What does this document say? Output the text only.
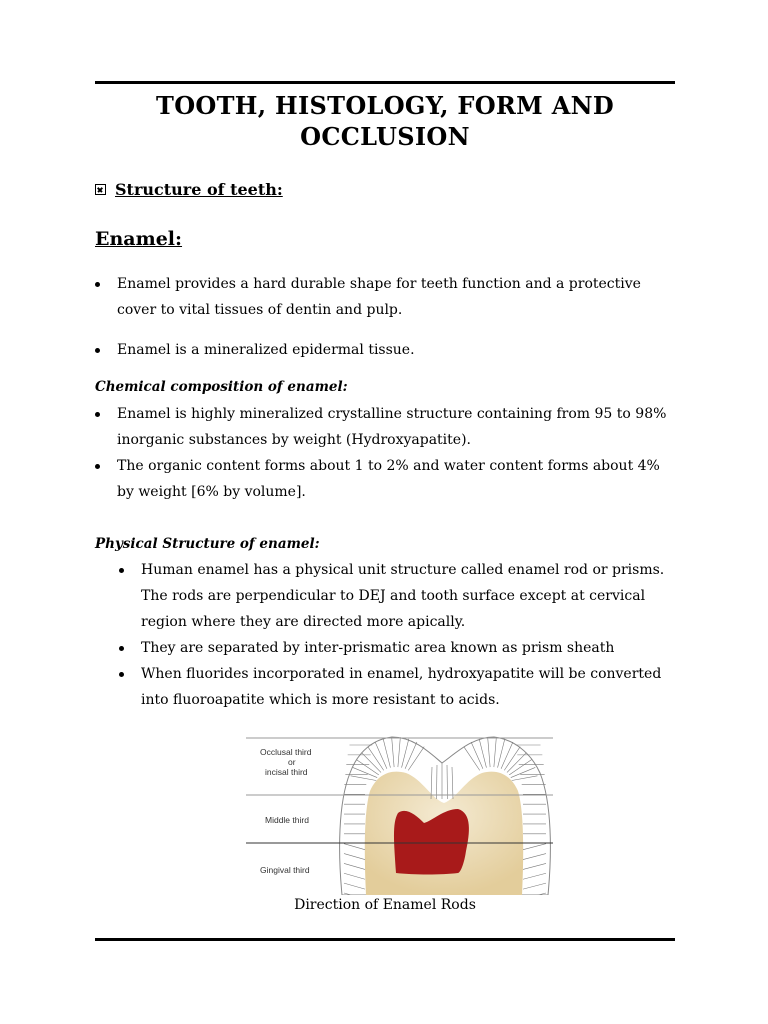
TOOTH, HISTOLOGY, FORM AND OCCLUSION
Structure of teeth:
Enamel:
Enamel provides a hard durable shape for teeth function and a protective cover to vital tissues of dentin and pulp.
Enamel is a mineralized epidermal tissue.
Chemical composition of enamel:
Enamel is highly mineralized crystalline structure containing from 95 to 98% inorganic substances by weight (Hydroxyapatite).
The organic content forms about 1 to 2% and water content forms about 4% by weight [6% by volume].
Physical Structure of enamel:
Human enamel has a physical unit structure called enamel rod or prisms. The rods are perpendicular to DEJ and tooth surface except at cervical region where they are directed more apically.
They are separated by inter-prismatic area known as prism sheath
When fluorides incorporated in enamel, hydroxyapatite will be converted into fluoroapatite which is more resistant to acids.
Occlusal third
or
incisal third
Middle third
Gingival third
Direction of Enamel Rods
